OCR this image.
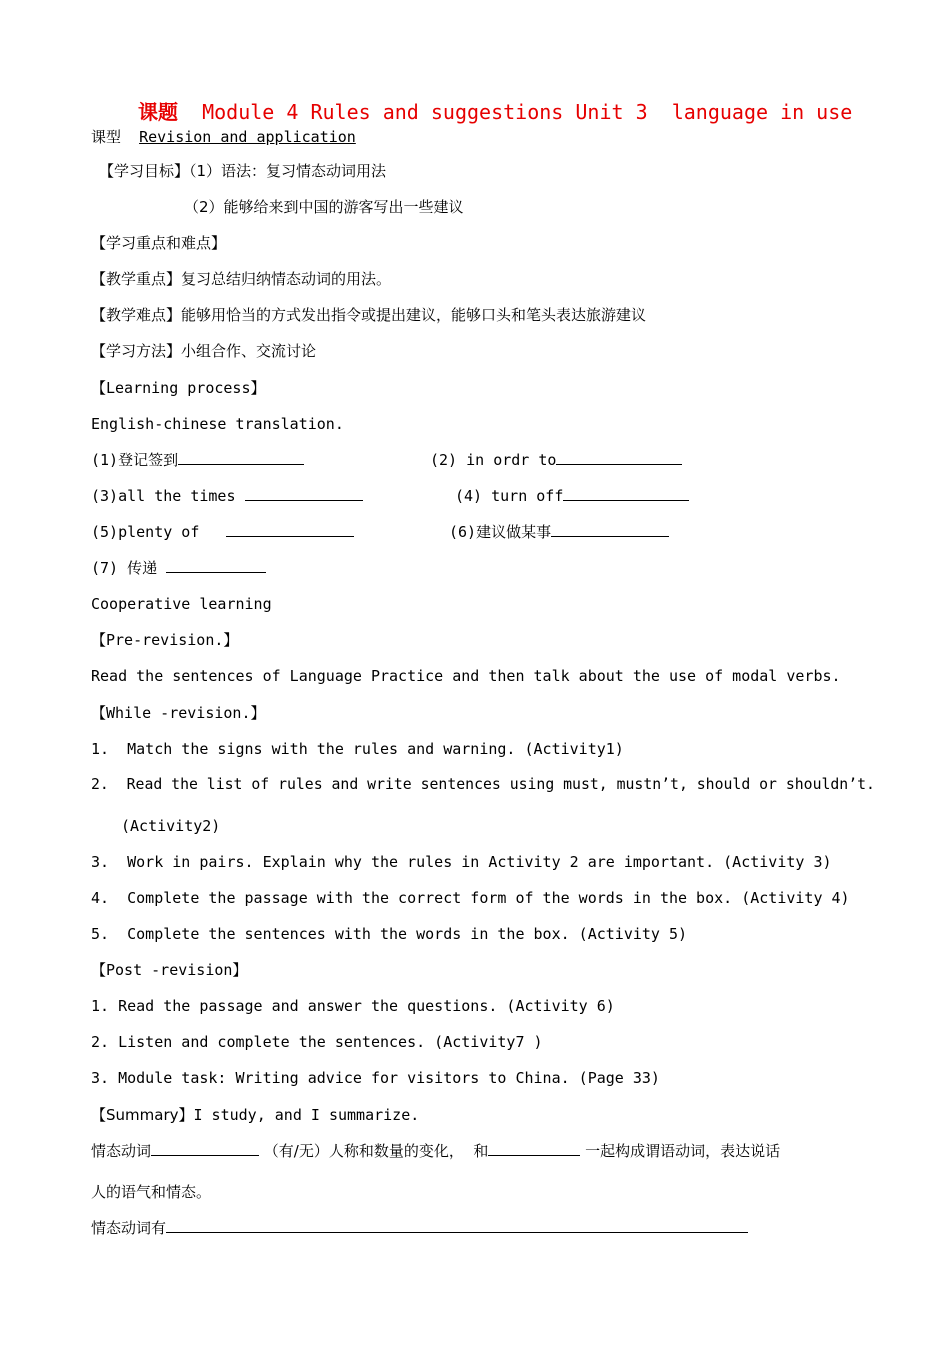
课题 Module 4 Rules and suggestions Unit 3  language in use
课型 Revision and application
【学习目标】（1）语法：复习情态动词用法
（2）能够给来到中国的游客写出一些建议
【学习重点和难点】
【教学重点】复习总结归纳情态动词的用法。
【教学难点】能够用恰当的方式发出指令或提出建议，能够口头和笔头表达旅游建议
【学习方法】小组合作、交流讨论
【Learning process】
English-chinese translation.
(1)登记签到	(2) in ordr to
(3)all the times	(4) turn off
(5)plenty of	(6)建议做某事
(7) 传递
Cooperative learning
【Pre-revision.】
Read the sentences of Language Practice and then talk about the use of modal verbs.
【While -revision.】
1.  Match the signs with the rules and warning. (Activity1)
2.  Read the list of rules and write sentences using must, mustn’t, should or shouldn’t.
(Activity2)
3.  Work in pairs. Explain why the rules in Activity 2 are important. (Activity 3)
4.  Complete the passage with the correct form of the words in the box. (Activity 4)
5.  Complete the sentences with the words in the box. (Activity 5)
【Post -revision】
1. Read the passage and answer the questions. (Activity 6)
2. Listen and complete the sentences. (Activity7 )
3. Module task: Writing advice for visitors to China. (Page 33)
【Summary】I study, and I summarize.
情态动词	（有/无）人称和数量的变化，  和	一起构成谓语动词，表达说话
人的语气和情态。
情态动词有
